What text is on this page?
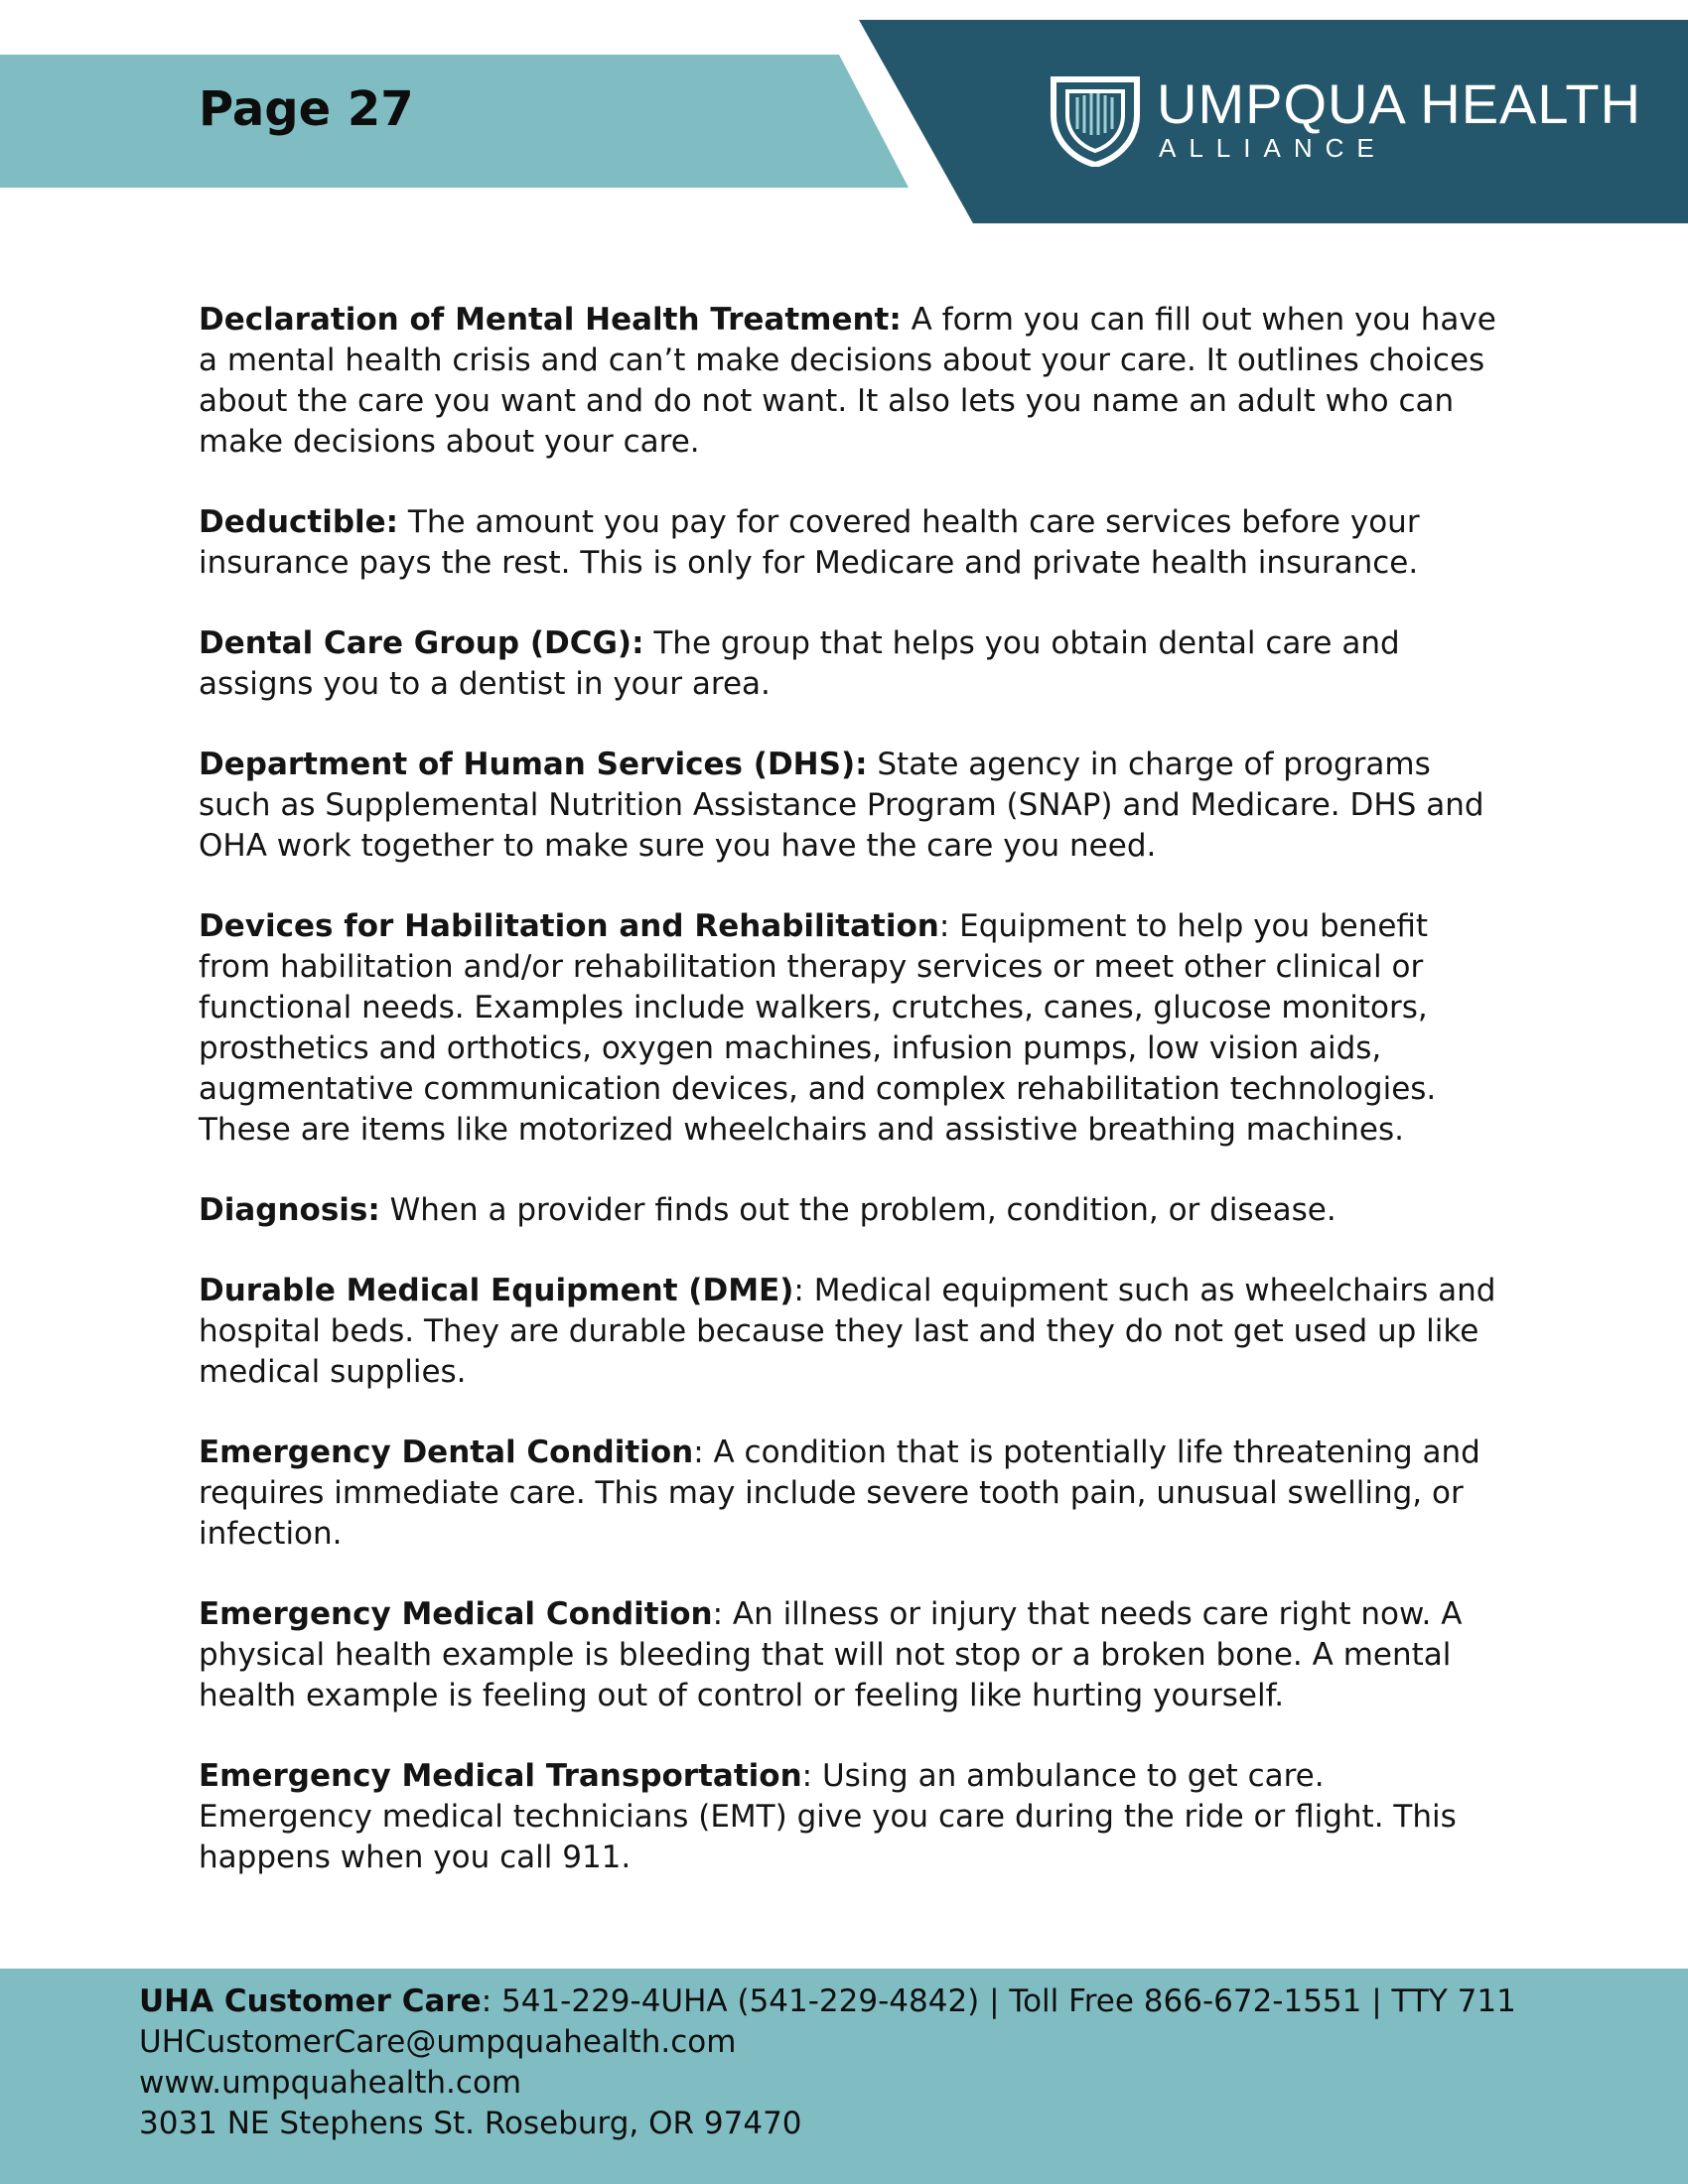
Page 27	UMPQUA HEALTH
ALLIANCE

Declaration of Mental Health Treatment: A form you can fill out when you have a mental health crisis and can’t make decisions about your care. It outlines choices about the care you want and do not want. It also lets you name an adult who can make decisions about your care.

Deductible: The amount you pay for covered health care services before your insurance pays the rest. This is only for Medicare and private health insurance.

Dental Care Group (DCG): The group that helps you obtain dental care and assigns you to a dentist in your area.

Department of Human Services (DHS): State agency in charge of programs such as Supplemental Nutrition Assistance Program (SNAP) and Medicare. DHS and OHA work together to make sure you have the care you need.

Devices for Habilitation and Rehabilitation: Equipment to help you benefit from habilitation and/or rehabilitation therapy services or meet other clinical or functional needs. Examples include walkers, crutches, canes, glucose monitors, prosthetics and orthotics, oxygen machines, infusion pumps, low vision aids, augmentative communication devices, and complex rehabilitation technologies. These are items like motorized wheelchairs and assistive breathing machines.

Diagnosis: When a provider finds out the problem, condition, or disease.

Durable Medical Equipment (DME): Medical equipment such as wheelchairs and hospital beds. They are durable because they last and they do not get used up like medical supplies.

Emergency Dental Condition: A condition that is potentially life threatening and requires immediate care. This may include severe tooth pain, unusual swelling, or infection.

Emergency Medical Condition: An illness or injury that needs care right now. A physical health example is bleeding that will not stop or a broken bone. A mental health example is feeling out of control or feeling like hurting yourself.

Emergency Medical Transportation: Using an ambulance to get care. Emergency medical technicians (EMT) give you care during the ride or flight. This happens when you call 911.

UHA Customer Care: 541-229-4UHA (541-229-4842) | Toll Free 866-672-1551 | TTY 711
UHCustomerCare@umpquahealth.com
www.umpquahealth.com
3031 NE Stephens St. Roseburg, OR 97470
